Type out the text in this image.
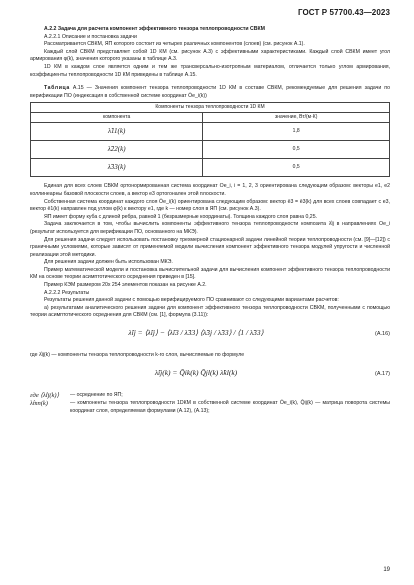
ГОСТ Р 57700.43—2023

А.2.2 Задача для расчета компонент эффективного тензора теплопроводности СВКМ

А.2.2.1 Описание и постановка задачи

Рассматривается СВКМ, ЯП которого состоит из четырех различных компонентов (слоев) (см. рисунок А.1).

Каждый слой СВКМ представляет собой 1D КМ (см. рисунок А.3) с эффективными характеристиками. Каждый слой СВКМ имеет угол армирования φ(k), значения которого указаны в таблице А.3.

1D КМ в каждом слое является одним и тем же трансверсально-изотропным материалом, отличается только углом армирования, коэффициенты теплопроводности 1D КМ приведены в таблице А.15.

Таблица А.15 — Значения компонент тензора теплопроводности 1D КМ в составе СВКМ, рекомендуемые для решения задачи по верификации ПО (индексация в собственной системе координат Ōe_i(k))

Компоненты тензора теплопроводности 1D КМ	
компонента	значение, Вт/(м·К)
λ̂11(k)	1,8
λ̂22(k)	0,5
λ̂33(k)	0,5

Единая для всех слоев СВКМ ортонормированная система координат Oe_i, i = 1, 2, 3 ориентирована следующим образом: векторы e1, e2 коллинеарны базовой плоскости слоев, а вектор e3 ортогонален этой плоскости.

Собственная система координат каждого слоя Ōe_i(k) ориентирована следующим образом: вектор ē3 = ē3(k) для всех слоев совпадает с e3, вектор ē1(k) направлен под углом φ(k) к вектору e1, где k — номер слоя в ЯП (см. рисунок А.3).

ЯП имеет форму куба с длиной ребра, равной 1 (безразмерные координаты). Толщина каждого слоя равна 0,25.

Задача заключается в том, чтобы вычислить компоненты эффективного тензора теплопроводности композита λ̂ij в направлениях Oe_i (результат используется для верификации ПО, основанного на МКЭ).

Для решения задачи следует использовать постановку трехмерной стационарной задачи линейной теории теплопроводности (см. [9]—[12]) с граничными условиями, которые зависят от применяемой модели вычисления компонент эффективного тензора модулей упругости и численной реализации этой методики.

Для решения задачи должен быть использован МКЭ.

Пример математической модели и постановка вычислительной задачи для вычисления компонент эффективного тензора теплопроводности КМ на основе теории асимптотического осреднения приведен в [15].

Пример КЭМ размером 20х 254 элементов показан на рисунке А.2.

А.2.2.2 Результаты

Результаты решения данной задачи с помощью верифицируемого ПО сравнивают со следующими вариантами расчетов:

а) результатами аналитического решения задачи для компонент эффективного тензора теплопроводности СВКМ, полученными с помощью теории асимптотического осреднения для СВКМ (см. [1], формула (3.11)):

λ̂ij = ⟨λ̂ij⟩ − ⟨λ̂i3 / λ̂33⟩ ⟨λ̂3j / λ̂33⟩ / ⟨1 / λ̂33⟩	(А.16)

где λ̂ij(k) — компоненты тензора теплопроводности k-го слоя, вычисляемые по формуле

λ̂ij(k) = Q̄ik(k) Q̄jl(k) λ̂kl(k)	(А.17)
где ⟨λ̂ij(k)⟩	— осреднение по ЯП;
λ̂mn(k)	— компоненты тензора теплопроводности 1DКМ в собственной системе координат Ōe_i(k), Q̄ij(k) — матрица поворота системы координат слоя, определяемая формулами (А.12), (А.13);
19
